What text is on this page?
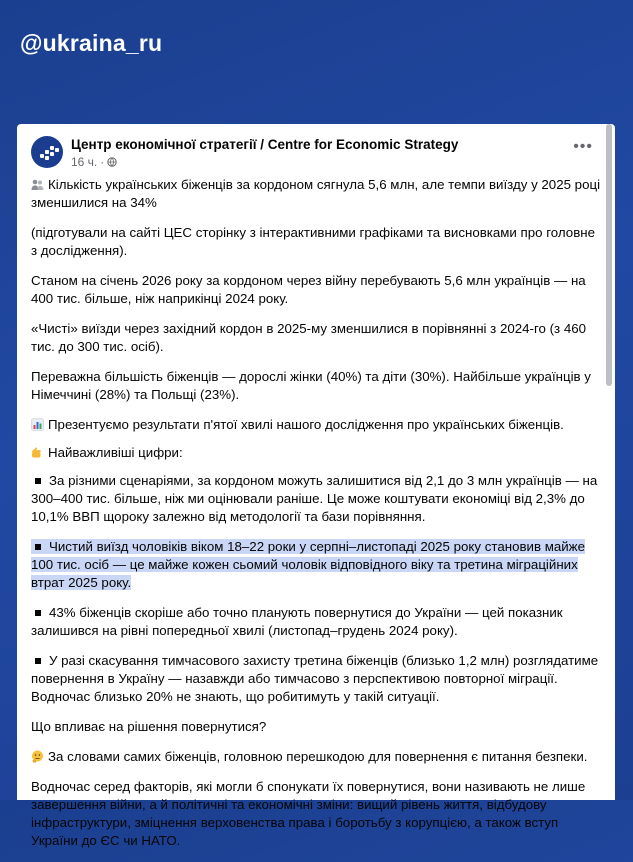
@ukraina_ru
Центр економічної стратегії / Centre for Economic Strategy
16 ч. ·
•••
Кількість українських біженців за кордоном сягнула 5,6 млн, але темпи виїзду у 2025 році зменшилися на 34%
(підготували на сайті ЦЕС сторінку з інтерактивними графіками та висновками про головне з дослідження).
Станом на січень 2026 року за кордоном через війну перебувають 5,6 млн українців — на 400 тис. більше, ніж наприкінці 2024 року.
«Чисті» виїзди через західний кордон в 2025-му зменшилися в порівнянні з 2024-го (з 460 тис. до 300 тис. осіб).
Переважна більшість біженців — дорослі жінки (40%) та діти (30%). Найбільше українців у Німеччині (28%) та Польщі (23%).
Презентуємо результати п'ятої хвилі нашого дослідження про українських біженців.
Найважливіші цифри:
За різними сценаріями, за кордоном можуть залишитися від 2,1 до 3 млн українців — на 300–400 тис. більше, ніж ми оцінювали раніше. Це може коштувати економіці від 2,3% до 10,1% ВВП щороку залежно від методології та бази порівняння.
Чистий виїзд чоловіків віком 18–22 роки у серпні–листопаді 2025 року становив майже 100 тис. осіб — це майже кожен сьомий чоловік відповідного віку та третина міграційних втрат 2025 року.
43% біженців скоріше або точно планують повернутися до України — цей показник залишився на рівні попередньої хвилі (листопад–грудень 2024 року).
У разі скасування тимчасового захисту третина біженців (близько 1,2 млн) розглядатиме повернення в Україну — назавжди або тимчасово з перспективою повторної міграції. Водночас близько 20% не знають, що робитимуть у такій ситуації.
Що впливає на рішення повернутися?
За словами самих біженців, головною перешкодою для повернення є питання безпеки.
Водночас серед факторів, які могли б спонукати їх повернутися, вони називають не лише завершення війни, а й політичні та економічні зміни: вищий рівень життя, відбудову інфраструктури, зміцнення верховенства права і боротьбу з корупцією, а також вступ України до ЄС чи НАТО.
